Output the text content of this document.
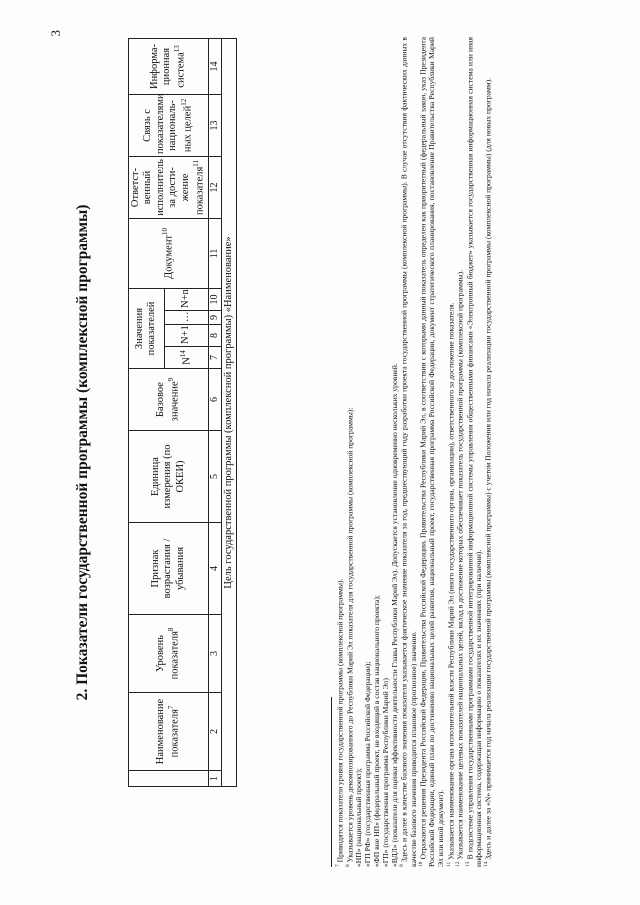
3
2. Показатели государственной программы (комплексной программы)
	Наименование показателя$^7$	Уровень показателя$^8$	Признак возрастания / убывания	Единица измерения (по ОКЕИ)	Базовое значение$^9$	Значения показателей				Документ$^{10}$	Ответст-венный исполнитель за дости-жение показателя$^{11}$	Связь с показателями националь-ных целей$^{12}$	Информа-ционная система$^{13}$
						$N^{14}$	N+1	…	N+n				
1	2	3	4	5	6	7	8	9	10	11	12	13	14
Цель государственной программы (комплексной программы) «Наименование»													

$^7$ Приводятся показатели уровня государственной программы (комплексной программы).

$^8$ Указывается уровень декомпозированного до Республики Марий Эл показателя для государственной программы (комплексной программы): «НП» (национальный проект); «ГП РФ» (государственная программа Российской Федерации); «ФП вне НП» (федеральный проект, не входящий в состав национального проекта); «ГП» (государственная программа Республики Марий Эл) «ВДЛ» (показатели для оценки эффективности деятельности Главы Республики Марий Эл). Допускается установление одновременно нескольких уровней. $^9$ Здесь и далее в качестве базового значения показателя указывается фактическое значение показателя за год, предшествующий году разработки проекта государственной программы (комплексной программы). В случае отсутствия фактических данных в качестве базового значения приводится плановое (прогнозное) значение. $^{10}$ Отражаются решения Президента Российской Федерации, Правительства Российской Федерации, Правительства Республики Марий Эл, в соответствии с которыми данный показатель определен как приоритетный (федеральный закон, указ Президента Российской Федерации, единый план по достижению национальных целей развития, национальный проект, государственная программа Российской Федерации, документ стратегического планирования, постановление Правительства Республики Марий Эл или иной документ). $^{11}$ Указывается наименование органа исполнительной власти Республики Марий Эл (иного государственного органа, организации), ответственного за достижение показателя.

$^{12}$ Указывается наименование целевых показателей национальных целей, вклад в достижение которых обеспечивает показатель государственной программы (комплексной программы).

$^{13}$ В подсистеме управления государственными программами государственной интегрированной информационной системы управления общественными финансами «Электронный бюджет» указывается государственная информационная система или иная информационная система, содержащая информацию о показателях и их значениях (при наличии). $^{14}$ Здесь и далее за «N» принимается год начала реализации государственной программы (комплексной программы) с учетом Положения или год начала реализации государственной программы (комплексной программы) (для новых программ).
